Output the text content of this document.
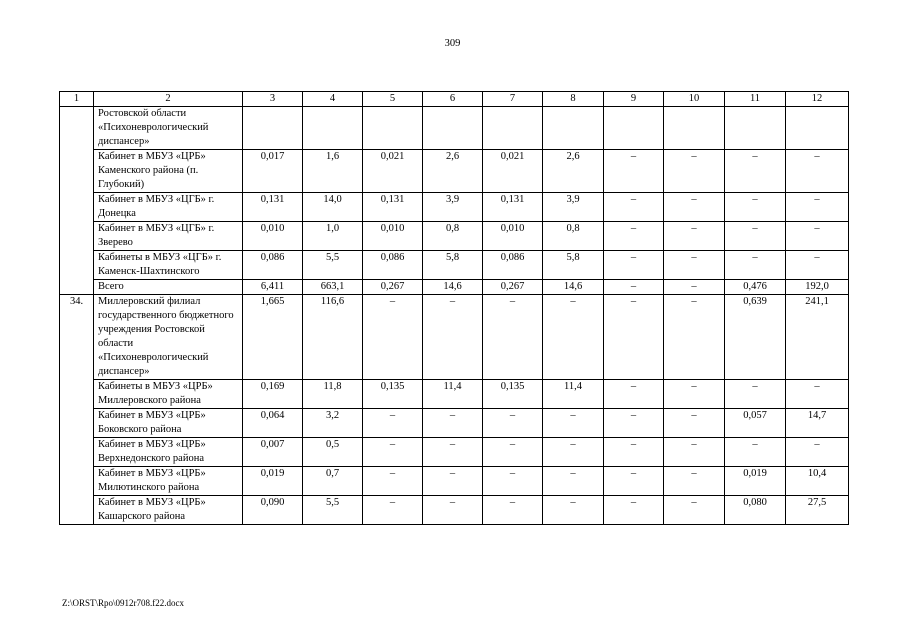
309
1	2	3	4	5	6	7	8	9	10	11	12
	Ростовской области «Психоневрологический диспансер»										
	Кабинет в МБУЗ «ЦРБ» Каменского района (п. Глубокий)	0,017	1,6	0,021	2,6	0,021	2,6	–	–	–	–
	Кабинет в МБУЗ «ЦГБ» г. Донецка	0,131	14,0	0,131	3,9	0,131	3,9	–	–	–	–
	Кабинет в МБУЗ «ЦГБ» г. Зверево	0,010	1,0	0,010	0,8	0,010	0,8	–	–	–	–
	Кабинеты в МБУЗ «ЦГБ» г. Каменск-Шахтинского	0,086	5,5	0,086	5,8	0,086	5,8	–	–	–	–
	Всего	6,411	663,1	0,267	14,6	0,267	14,6	–	–	0,476	192,0
34.	Миллеровский филиал государственного бюджетного учреждения Ростовской области «Психоневрологический диспансер»	1,665	116,6	–	–	–	–	–	–	0,639	241,1
	Кабинеты в МБУЗ «ЦРБ» Миллеровского района	0,169	11,8	0,135	11,4	0,135	11,4	–	–	–	–
	Кабинет в МБУЗ «ЦРБ» Боковского района	0,064	3,2	–	–	–	–	–	–	0,057	14,7
	Кабинет в МБУЗ «ЦРБ» Верхнедонского района	0,007	0,5	–	–	–	–	–	–	–	–
	Кабинет в МБУЗ «ЦРБ» Милютинского района	0,019	0,7	–	–	–	–	–	–	0,019	10,4
	Кабинет в МБУЗ «ЦРБ» Кашарского района	0,090	5,5	–	–	–	–	–	–	0,080	27,5
Z:\ORST\Rpo\0912r708.f22.docx
